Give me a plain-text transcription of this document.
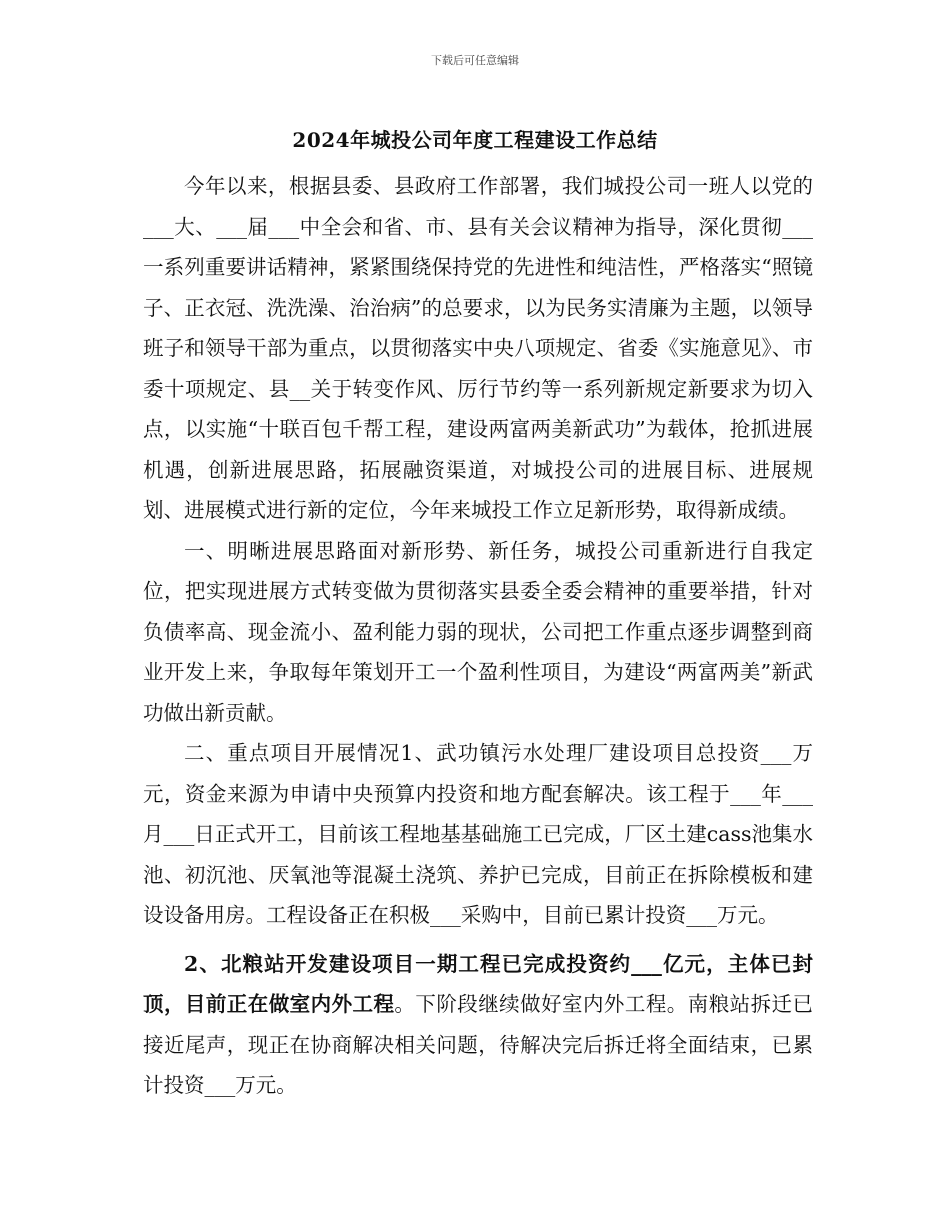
下载后可任意编辑
2024年城投公司年度工程建设工作总结

今年以来，根据县委、县政府工作部署，我们城投公司一班人以党的___大、___届___中全会和省、市、县有关会议精神为指导，深化贯彻___一系列重要讲话精神，紧紧围绕保持党的先进性和纯洁性，严格落实“照镜子、正衣冠、洗洗澡、治治病”的总要求，以为民务实清廉为主题，以领导班子和领导干部为重点，以贯彻落实中央八项规定、省委《实施意见》、市委十项规定、县__关于转变作风、厉行节约等一系列新规定新要求为切入点，以实施“十联百包千帮工程，建设两富两美新武功”为载体，抢抓进展机遇，创新进展思路，拓展融资渠道，对城投公司的进展目标、进展规划、进展模式进行新的定位，今年来城投工作立足新形势，取得新成绩。

一、明晰进展思路面对新形势、新任务，城投公司重新进行自我定位，把实现进展方式转变做为贯彻落实县委全委会精神的重要举措，针对负债率高、现金流小、盈利能力弱的现状，公司把工作重点逐步调整到商业开发上来，争取每年策划开工一个盈利性项目，为建设“两富两美”新武功做出新贡献。

二、重点项目开展情况1、武功镇污水处理厂建设项目总投资___万元，资金来源为申请中央预算内投资和地方配套解决。该工程于___年___月___日正式开工，目前该工程地基基础施工已完成，厂区土建cass池集水池、初沉池、厌氧池等混凝土浇筑、养护已完成，目前正在拆除模板和建设设备用房。工程设备正在积极___采购中，目前已累计投资___万元。

2、北粮站开发建设项目一期工程已完成投资约___亿元，主体已封顶，目前正在做室内外工程。下阶段继续做好室内外工程。南粮站拆迁已接近尾声，现正在协商解决相关问题，待解决完后拆迁将全面结束，已累计投资___万元。
